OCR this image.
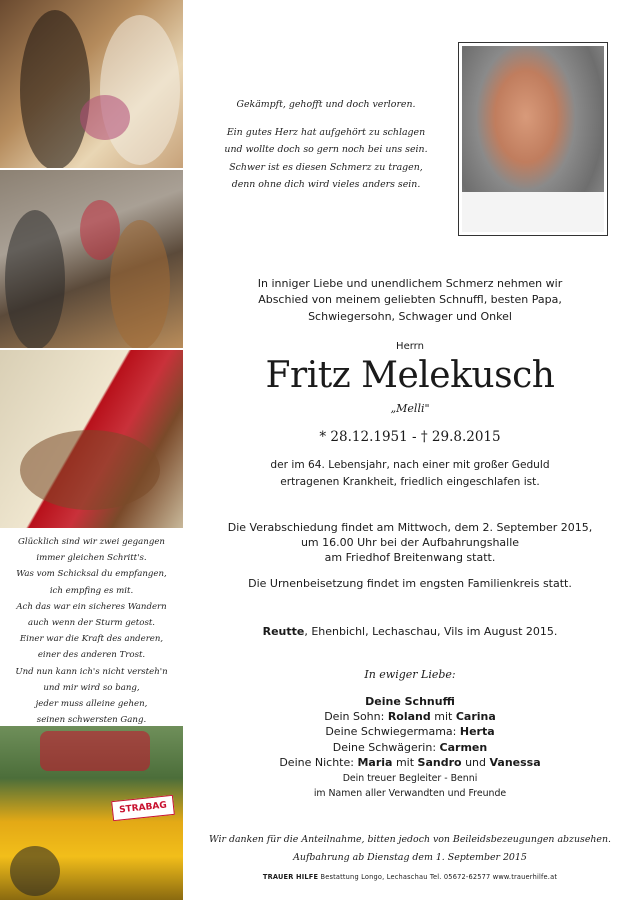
Glücklich sind wir zwei gegangen
immer gleichen Schritt's.
Was vom Schicksal du empfangen,
ich empfing es mit.
Ach das war ein sicheres Wandern
auch wenn der Sturm getost.
Einer war die Kraft des anderen,
einer des anderen Trost.
Und nun kann ich's nicht versteh'n
und mir wird so bang,
jeder muss alleine gehen,
seinen schwersten Gang.
STRABAG
Gekämpft, gehofft und doch verloren.
Ein gutes Herz hat aufgehört zu schlagen
und wollte doch so gern noch bei uns sein.
Schwer ist es diesen Schmerz zu tragen,
denn ohne dich wird vieles anders sein.
In inniger Liebe und unendlichem Schmerz nehmen wir
Abschied von meinem geliebten Schnuffl, besten Papa,
Schwiegersohn, Schwager und Onkel
Herrn
Fritz Melekusch
„Melli"
* 28.12.1951 - † 29.8.2015
der im 64. Lebensjahr, nach einer mit großer Geduld
ertragenen Krankheit, friedlich eingeschlafen ist.
Die Verabschiedung findet am Mittwoch, dem 2. September 2015,
um 16.00 Uhr bei der Aufbahrungshalle
am Friedhof Breitenwang statt.
Die Urnenbeisetzung findet im engsten Familienkreis statt.
Reutte, Ehenbichl, Lechaschau, Vils im August 2015.
In ewiger Liebe:
Deine Schnuffi
Dein Sohn: Roland mit Carina
Deine Schwiegermama: Herta
Deine Schwägerin: Carmen
Deine Nichte: Maria mit Sandro und Vanessa
Dein treuer Begleiter - Benni
im Namen aller Verwandten und Freunde
Wir danken für die Anteilnahme, bitten jedoch von Beileidsbezeugungen abzusehen.
Aufbahrung ab Dienstag dem 1. September 2015
TRAUER HILFE Bestattung Longo, Lechaschau Tel. 05672-62577 www.trauerhilfe.at
